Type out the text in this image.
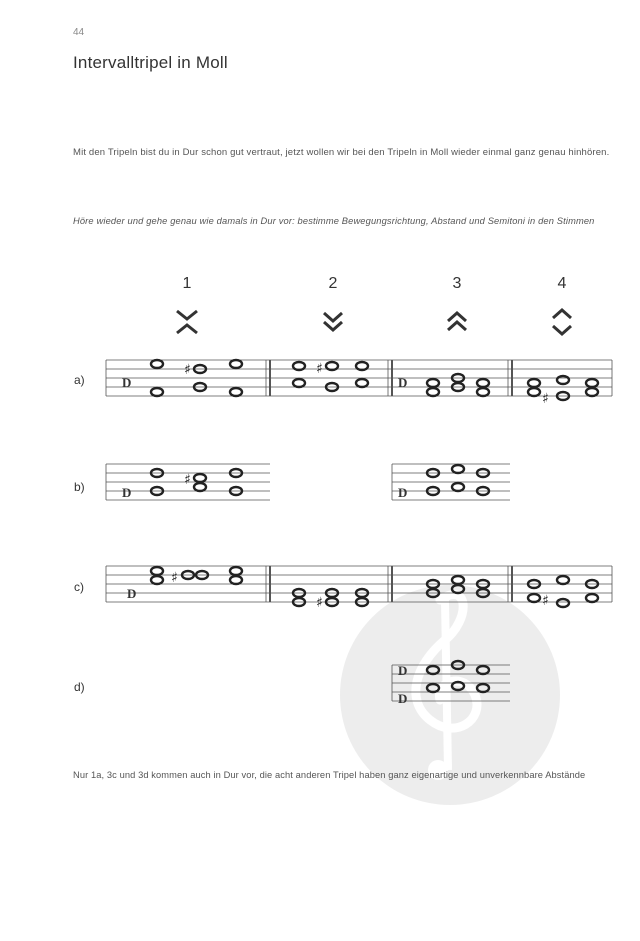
44
Intervalltripel in Moll
Mit den Tripeln bist du in Dur schon gut vertraut, jetzt wollen wir bei den Tripeln in Moll wieder einmal ganz genau hinhören.
Höre wieder und gehe genau wie damals in Dur vor: bestimme Bewegungsrichtung, Abstand und Semitoni in den Stimmen
1	2	3	4
a)
b)
c)
d)
D	D
D	D
D
D
D
♯	♯
♯
♯
♯
♯	♯
Nur 1a, 3c und 3d kommen auch in Dur vor, die acht anderen Tripel haben ganz eigenartige und unverkennbare Abstände
